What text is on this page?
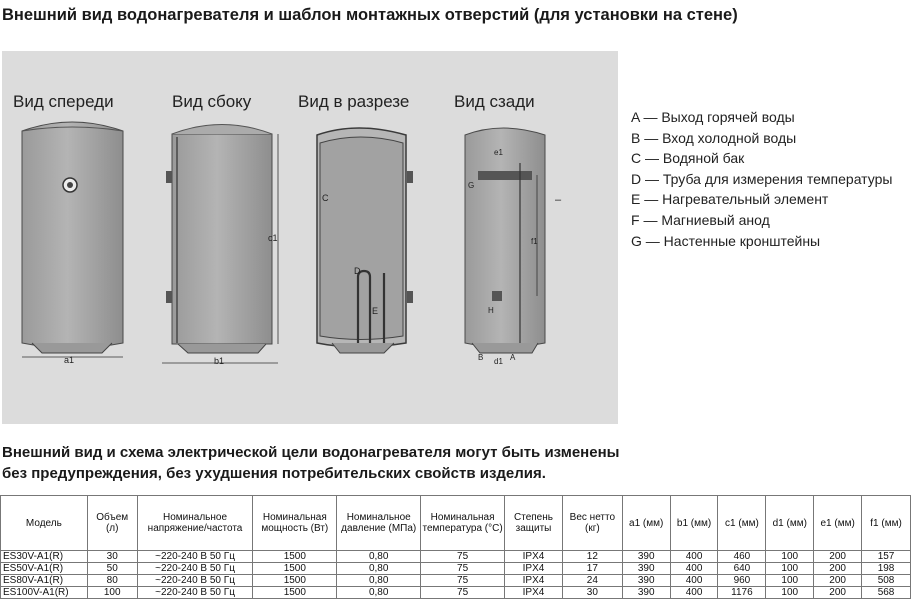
Внешний вид водонагревателя и шаблон монтажных отверстий (для установки на стене)
Вид спереди	Вид сбоку	Вид в разрезе	Вид сзади
a1
c1
b1
C
D
E
e1
G
f1
H
B d1 A
–
A — Выход горячей воды
B — Вход холодной воды
C — Водяной бак
D — Труба для измерения температуры
E — Нагревательный элемент
F — Магниевый анод
G — Настенные кронштейны
Внешний вид и схема электрической цели водонагревателя могут быть изменены
без предупреждения, без ухудшения потребительских свойств изделия.
Модель	Объем (л)	Номинальное напряжение/частота	Номинальная мощность (Вт)	Номинальное давление (МПа)	Номинальная температура (°С)	Степень защиты	Вес нетто (кг)	a1 (мм)	b1 (мм)	c1 (мм)	d1 (мм)	e1 (мм)	f1 (мм)
ES30V-A1(R)	30	~220-240 В 50 Гц	1500	0,80	75	IPX4	12	390	400	460	100	200	157
ES50V-A1(R)	50	~220-240 В 50 Гц	1500	0,80	75	IPX4	17	390	400	640	100	200	198
ES80V-A1(R)	80	~220-240 В 50 Гц	1500	0,80	75	IPX4	24	390	400	960	100	200	508
ES100V-A1(R)	100	~220-240 В 50 Гц	1500	0,80	75	IPX4	30	390	400	1176	100	200	568
